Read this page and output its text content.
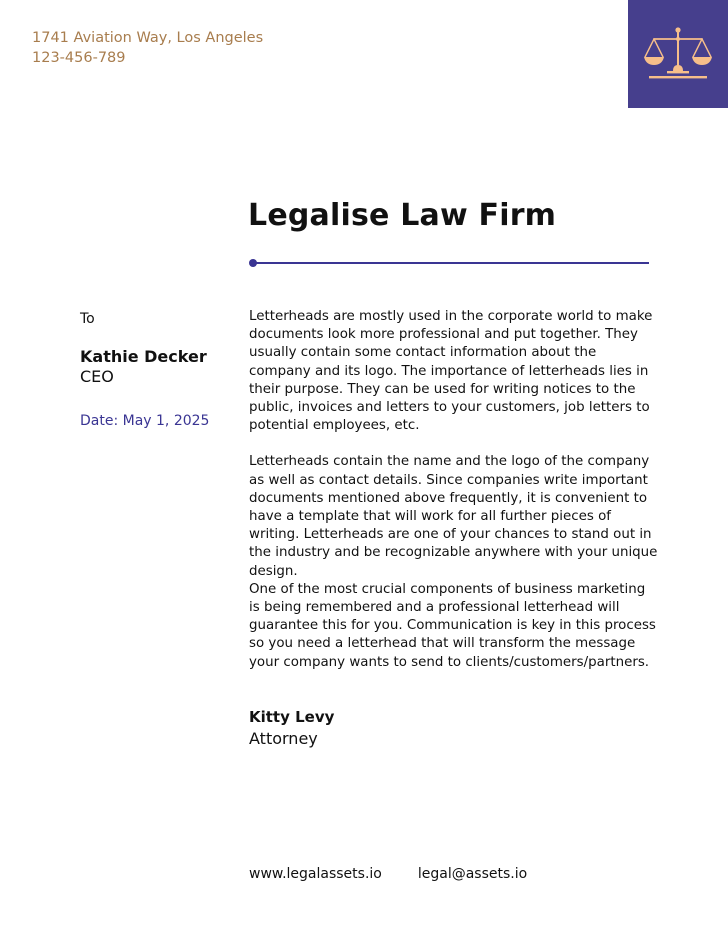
1741 Aviation Way, Los Angeles
123-456-789
Legalise Law Firm
To
Kathie Decker
CEO
Date: May 1, 2025

Letterheads are mostly used in the corporate world to make documents look more professional and put together. They usually contain some contact information about the company and its logo. The importance of letterheads lies in their purpose. They can be used for writing notices to the public, invoices and letters to your customers, job letters to potential employees, etc.

Letterheads contain the name and the logo of the company as well as contact details. Since companies write important documents mentioned above frequently, it is convenient to have a template that will work for all further pieces of writing. Letterheads are one of your chances to stand out in the industry and be recognizable anywhere with your unique design.

One of the most crucial components of business marketing is being remembered and a professional letterhead will guarantee this for you. Communication is key in this process so you need a letterhead that will transform the message your company wants to send to clients/customers/partners.

Kitty Levy
Attorney
www.legalassets.io	legal@assets.io
